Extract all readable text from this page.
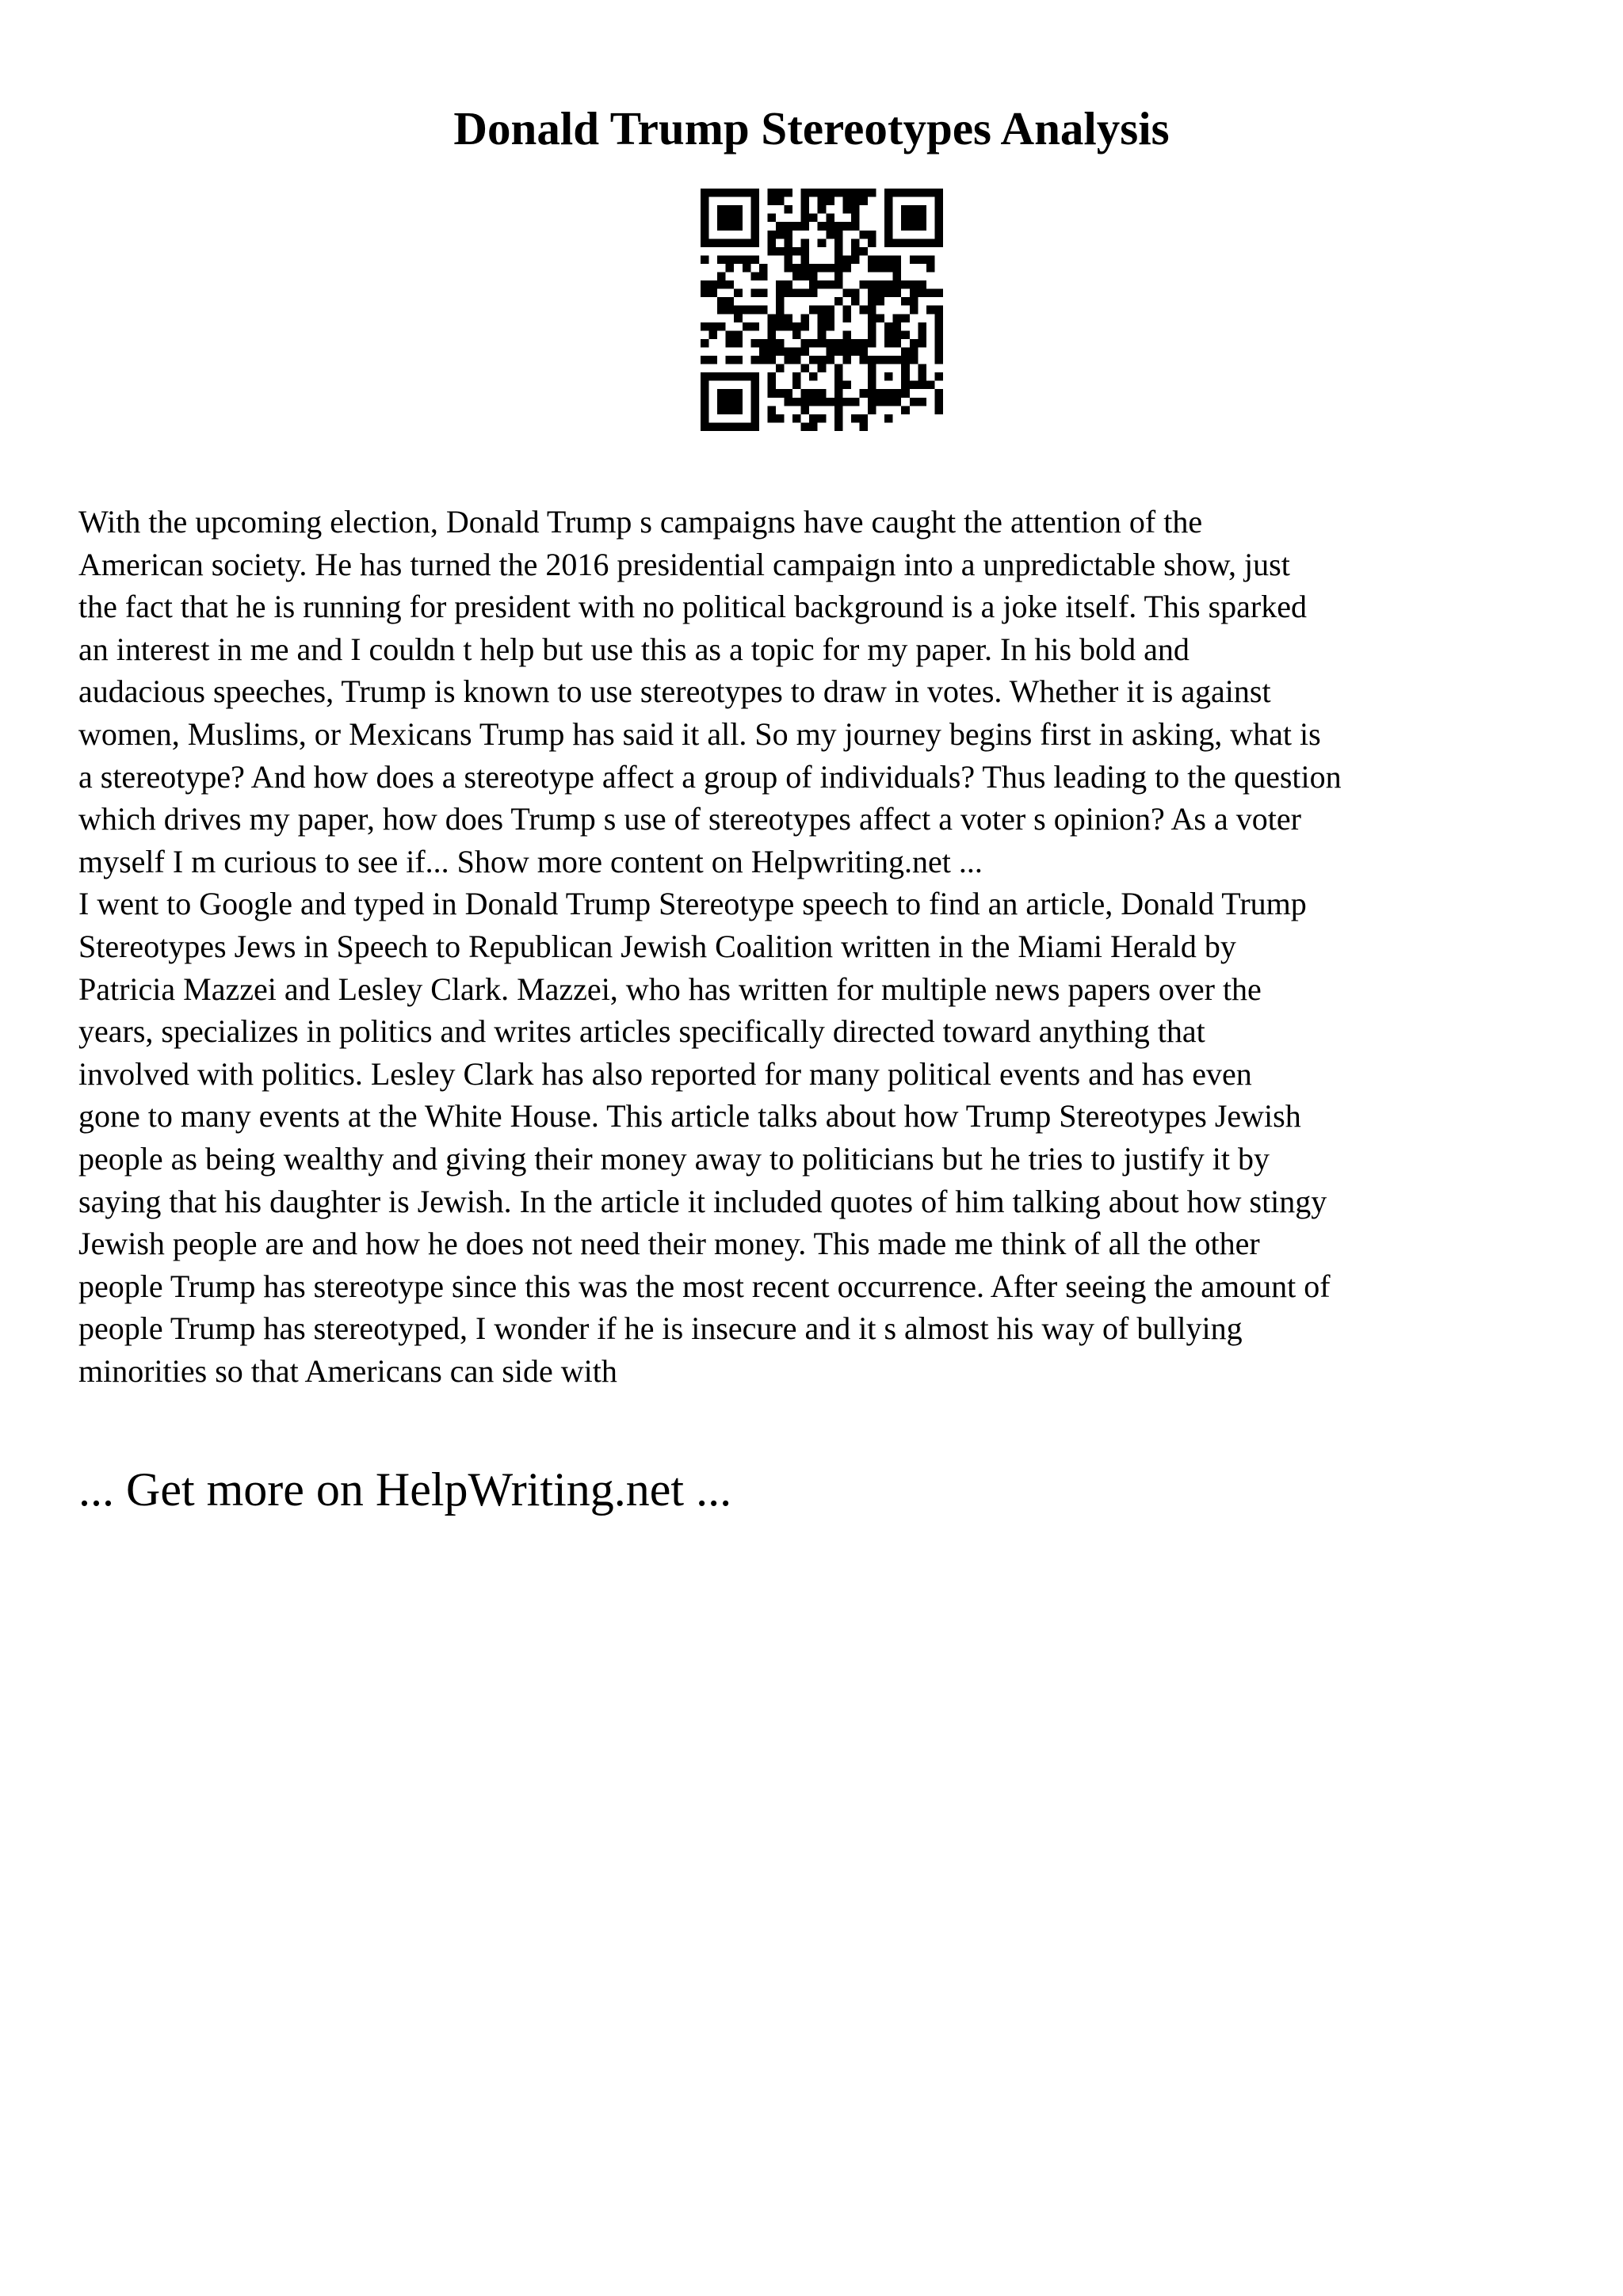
Donald Trump Stereotypes Analysis

With the upcoming election, Donald Trump s campaigns have caught the attention of the
American society. He has turned the 2016 presidential campaign into a unpredictable show, just
the fact that he is running for president with no political background is a joke itself. This sparked
an interest in me and I couldn t help but use this as a topic for my paper. In his bold and
audacious speeches, Trump is known to use stereotypes to draw in votes. Whether it is against
women, Muslims, or Mexicans Trump has said it all. So my journey begins first in asking, what is
a stereotype? And how does a stereotype affect a group of individuals? Thus leading to the question
which drives my paper, how does Trump s use of stereotypes affect a voter s opinion? As a voter
myself I m curious to see if... Show more content on Helpwriting.net ...

I went to Google and typed in Donald Trump Stereotype speech to find an article, Donald Trump
Stereotypes Jews in Speech to Republican Jewish Coalition written in the Miami Herald by
Patricia Mazzei and Lesley Clark. Mazzei, who has written for multiple news papers over the
years, specializes in politics and writes articles specifically directed toward anything that
involved with politics. Lesley Clark has also reported for many political events and has even
gone to many events at the White House. This article talks about how Trump Stereotypes Jewish
people as being wealthy and giving their money away to politicians but he tries to justify it by
saying that his daughter is Jewish. In the article it included quotes of him talking about how stingy
Jewish people are and how he does not need their money. This made me think of all the other
people Trump has stereotype since this was the most recent occurrence. After seeing the amount of
people Trump has stereotyped, I wonder if he is insecure and it s almost his way of bullying
minorities so that Americans can side with

... Get more on HelpWriting.net ...
